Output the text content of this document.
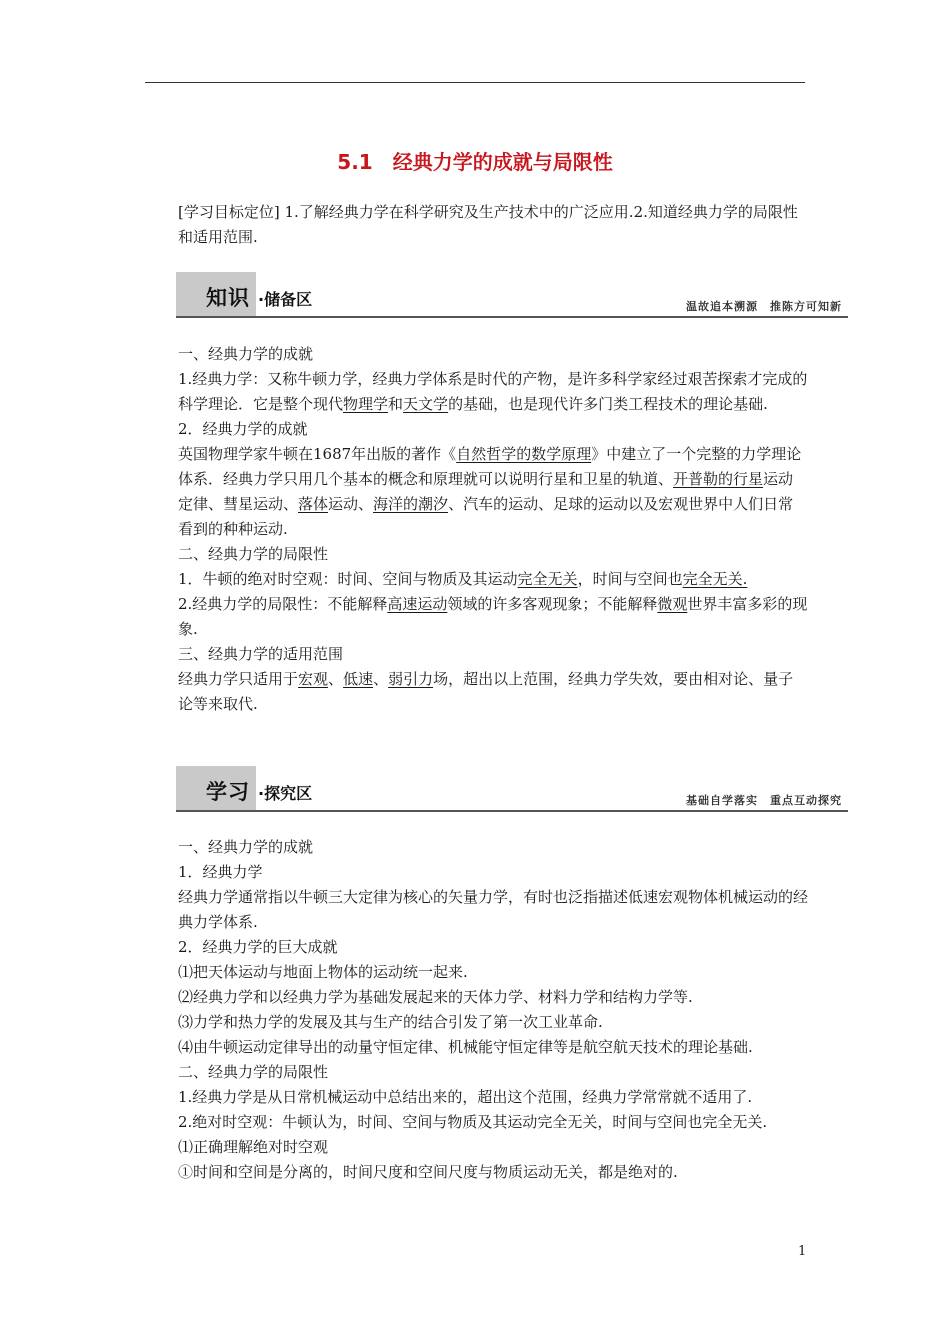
5.1　经典力学的成就与局限性

[学习目标定位] 1.了解经典力学在科学研究及生产技术中的广泛应用.2.知道经典力学的局限性和适用范围.

知识 ·储备区	温故追本溯源　推陈方可知新

一、经典力学的成就

1.经典力学：又称牛顿力学，经典力学体系是时代的产物，是许多科学家经过艰苦探索才完成的科学理论．它是整个现代物理学和天文学的基础，也是现代许多门类工程技术的理论基础.

2．经典力学的成就

英国物理学家牛顿在1687年出版的著作《自然哲学的数学原理》中建立了一个完整的力学理论体系．经典力学只用几个基本的概念和原理就可以说明行星和卫星的轨道、开普勒的行星运动定律、彗星运动、落体运动、海洋的潮汐、汽车的运动、足球的运动以及宏观世界中人们日常看到的种种运动.

二、经典力学的局限性

1．牛顿的绝对时空观：时间、空间与物质及其运动完全无关，时间与空间也完全无关.

2.经典力学的局限性：不能解释高速运动领域的许多客观现象；不能解释微观世界丰富多彩的现象.

三、经典力学的适用范围

经典力学只适用于宏观、低速、弱引力场，超出以上范围，经典力学失效，要由相对论、量子论等来取代.

学习 ·探究区	基础自学落实　重点互动探究

一、经典力学的成就

1．经典力学

经典力学通常指以牛顿三大定律为核心的矢量力学，有时也泛指描述低速宏观物体机械运动的经典力学体系.

2．经典力学的巨大成就

⑴把天体运动与地面上物体的运动统一起来.

⑵经典力学和以经典力学为基础发展起来的天体力学、材料力学和结构力学等.

⑶力学和热力学的发展及其与生产的结合引发了第一次工业革命.

⑷由牛顿运动定律导出的动量守恒定律、机械能守恒定律等是航空航天技术的理论基础.

二、经典力学的局限性

1.经典力学是从日常机械运动中总结出来的，超出这个范围，经典力学常常就不适用了.

2.绝对时空观：牛顿认为，时间、空间与物质及其运动完全无关，时间与空间也完全无关.

⑴正确理解绝对时空观

①时间和空间是分离的，时间尺度和空间尺度与物质运动无关，都是绝对的.

1
